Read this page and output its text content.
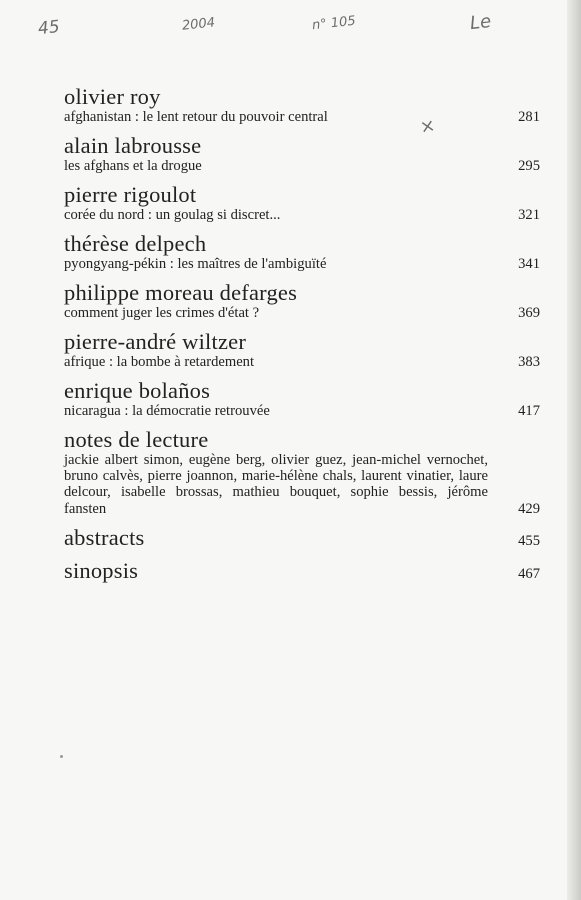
45	2004	n° 105	Le
×
olivier roy
afghanistan : le lent retour du pouvoir central	281
alain labrousse
les afghans et la drogue	295
pierre rigoulot
corée du nord : un goulag si discret...	321
thérèse delpech
pyongyang-pékin : les maîtres de l'ambiguïté	341
philippe moreau defarges
comment juger les crimes d'état ?	369
pierre-andré wiltzer
afrique : la bombe à retardement	383
enrique bolaños
nicaragua : la démocratie retrouvée	417
notes de lecture
jackie albert simon, eugène berg, olivier guez, jean-michel vernochet, bruno calvès, pierre joannon, marie-hélène chals, laurent vinatier, laure delcour, isabelle brossas, mathieu bouquet, sophie bessis, jérôme fansten	429
abstracts	455
sinopsis	467
